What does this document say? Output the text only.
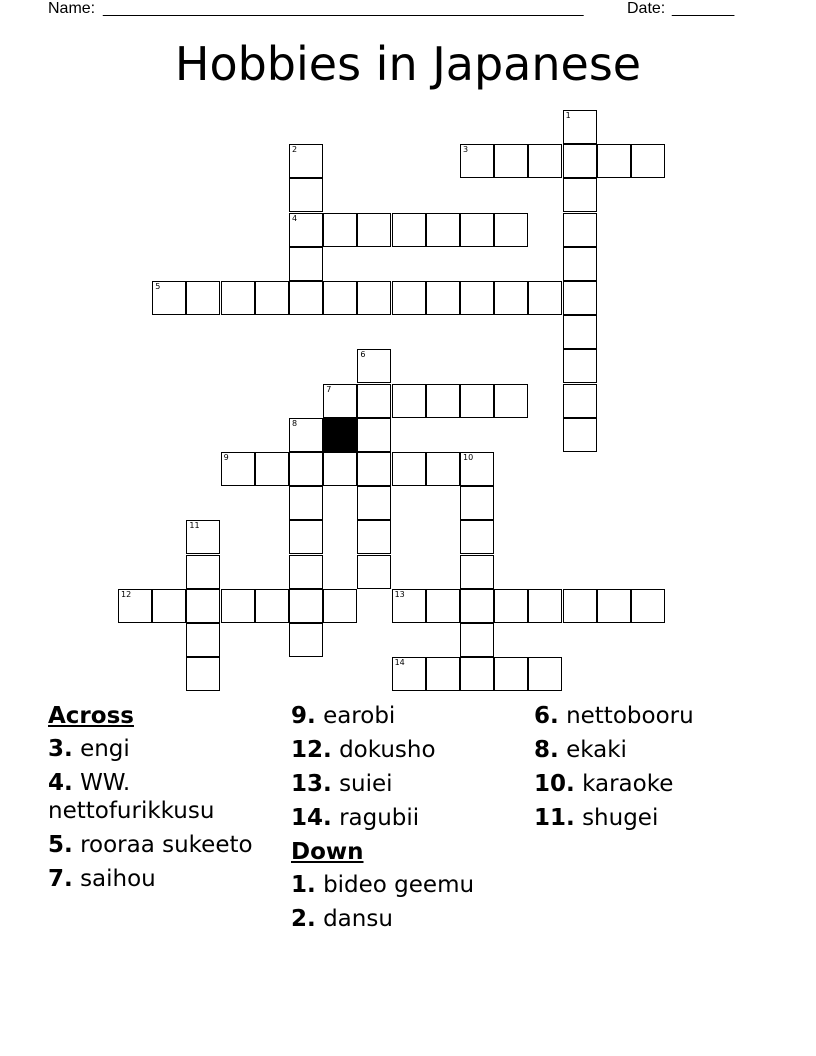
Name: ______________________________________________________	Date: _______
Hobbies in Japanese
1
2
4
3
5
6
7
8
9	10
11
12	13
14
Across
3. engi
4. WW. nettofurikkusu
5. rooraa sukeeto
7. saihou
9. earobi
12. dokusho
13. suiei
14. ragubii
Down
1. bideo geemu
2. dansu
6. nettobooru
8. ekaki
10. karaoke
11. shugei
